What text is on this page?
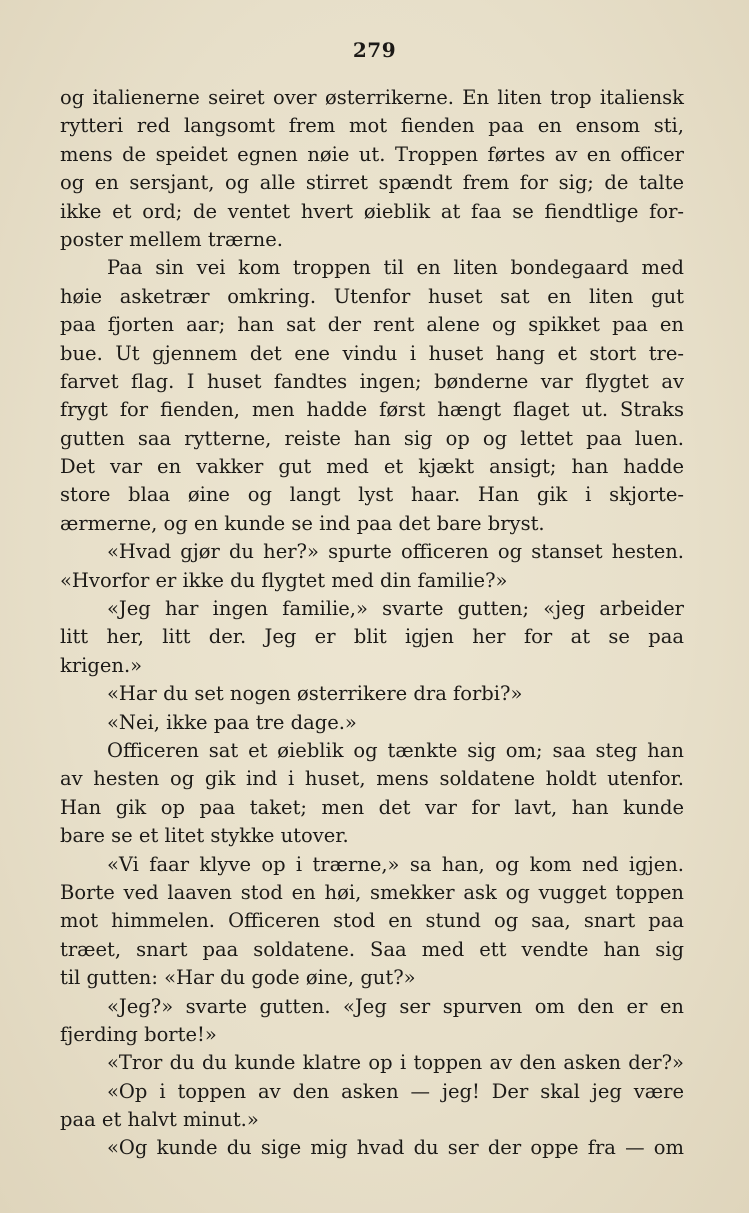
279
og italienerne seiret over østerrikerne. En liten trop italiensk
rytteri red langsomt frem mot fienden paa en ensom sti,
mens de speidet egnen nøie ut. Troppen førtes av en officer
og en sersjant, og alle stirret spændt frem for sig; de talte
ikke et ord; de ventet hvert øieblik at faa se fiendtlige for-
poster mellem trærne.
Paa sin vei kom troppen til en liten bondegaard med
høie asketrær omkring. Utenfor huset sat en liten gut
paa fjorten aar; han sat der rent alene og spikket paa en
bue. Ut gjennem det ene vindu i huset hang et stort tre-
farvet flag. I huset fandtes ingen; bønderne var flygtet av
frygt for fienden, men hadde først hængt flaget ut. Straks
gutten saa rytterne, reiste han sig op og lettet paa luen.
Det var en vakker gut med et kjækt ansigt; han hadde
store blaa øine og langt lyst haar. Han gik i skjorte-
ærmerne, og en kunde se ind paa det bare bryst.
«Hvad gjør du her?» spurte officeren og stanset hesten.
«Hvorfor er ikke du flygtet med din familie?»
«Jeg har ingen familie,» svarte gutten; «jeg arbeider
litt her, litt der. Jeg er blit igjen her for at se paa
krigen.»
«Har du set nogen østerrikere dra forbi?»
«Nei, ikke paa tre dage.»
Officeren sat et øieblik og tænkte sig om; saa steg han
av hesten og gik ind i huset, mens soldatene holdt utenfor.
Han gik op paa taket; men det var for lavt, han kunde
bare se et litet stykke utover.
«Vi faar klyve op i trærne,» sa han, og kom ned igjen.
Borte ved laaven stod en høi, smekker ask og vugget toppen
mot himmelen. Officeren stod en stund og saa, snart paa
træet, snart paa soldatene. Saa med ett vendte han sig
til gutten: «Har du gode øine, gut?»
«Jeg?» svarte gutten. «Jeg ser spurven om den er en
fjerding borte!»
«Tror du du kunde klatre op i toppen av den asken der?»
«Op i toppen av den asken — jeg! Der skal jeg være
paa et halvt minut.»
«Og kunde du sige mig hvad du ser der oppe fra — om
